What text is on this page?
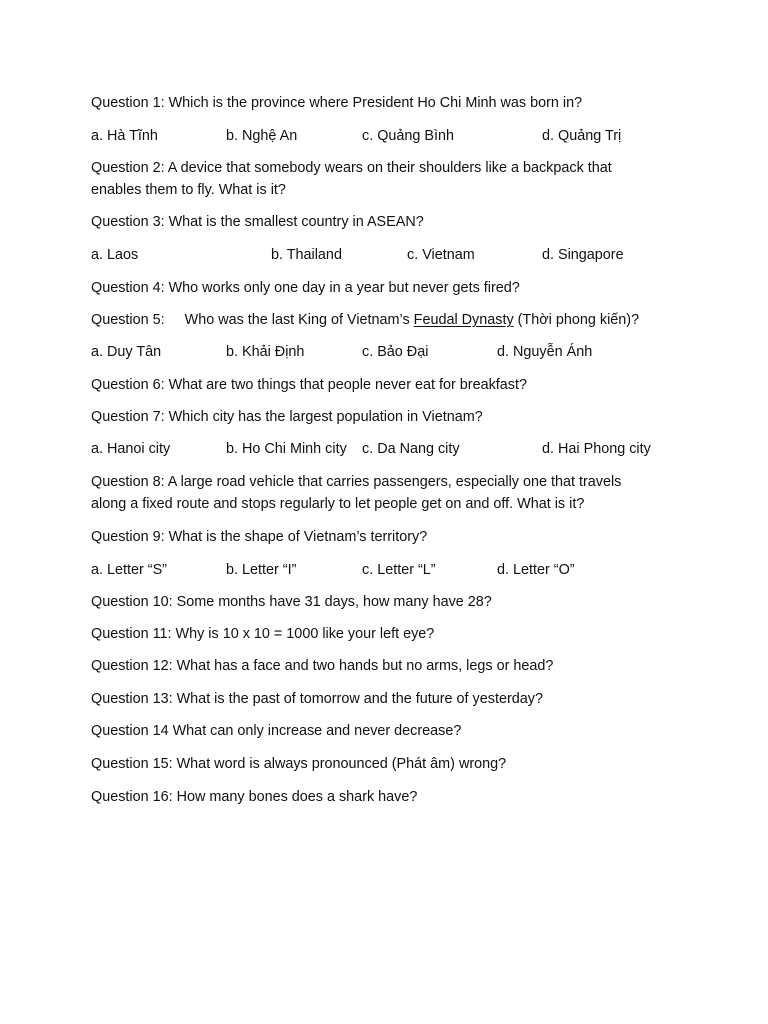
Question 1: Which is the province where President Ho Chi Minh was born in?
a. Hà Tĩnh	b. Nghệ An	c. Quảng Bình	d. Quảng Trị
Question 2: A device that somebody wears on their shoulders like a backpack that
enables them to fly. What is it?
Question 3: What is the smallest country in ASEAN?
a. Laos	b. Thailand	c. Vietnam	d. Singapore
Question 4: Who works only one day in a year but never gets fired?
Question 5: Who was the last King of Vietnam’s Feudal Dynasty (Thời phong kiến)?
a. Duy Tân	b. Khải Định	c. Bảo Đại	d. Nguyễn Ánh
Question 6: What are two things that people never eat for breakfast?
Question 7: Which city has the largest population in Vietnam?
a. Hanoi city	b. Ho Chi Minh city c. Da Nang city	d. Hai Phong city
Question 8: A large road vehicle that carries passengers, especially one that travels
along a fixed route and stops regularly to let people get on and off. What is it?
Question 9: What is the shape of Vietnam’s territory?
a. Letter “S”	b. Letter “I”	c. Letter “L”	d. Letter “O”
Question 10: Some months have 31 days, how many have 28?
Question 11: Why is 10 x 10 = 1000 like your left eye?
Question 12: What has a face and two hands but no arms, legs or head?
Question 13: What is the past of tomorrow and the future of yesterday?
Question 14 What can only increase and never decrease?
Question 15: What word is always pronounced (Phát âm) wrong?
Question 16: How many bones does a shark have?
